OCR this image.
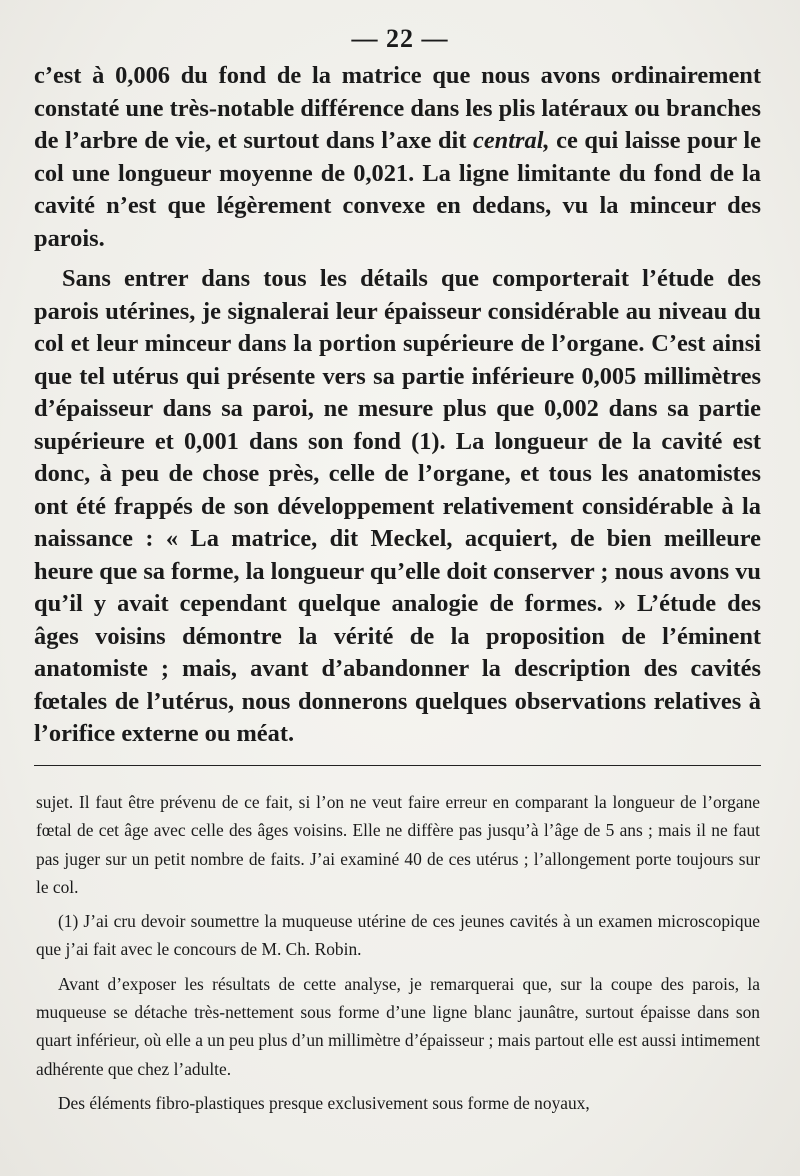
— 22 —

c’est à 0,006 du fond de la matrice que nous avons ordinairement constaté une très-notable différence dans les plis latéraux ou branches de l’arbre de vie, et surtout dans l’axe dit central, ce qui laisse pour le col une longueur moyenne de 0,021. La ligne limitante du fond de la cavité n’est que légèrement convexe en dedans, vu la minceur des parois.

Sans entrer dans tous les détails que comporterait l’étude des parois utérines, je signalerai leur épaisseur considérable au niveau du col et leur minceur dans la portion supérieure de l’organe. C’est ainsi que tel utérus qui présente vers sa partie inférieure 0,005 millimètres d’épaisseur dans sa paroi, ne mesure plus que 0,002 dans sa partie supérieure et 0,001 dans son fond (1). La longueur de la cavité est donc, à peu de chose près, celle de l’organe, et tous les anatomistes ont été frappés de son développement relativement considérable à la naissance : « La matrice, dit Meckel, acquiert, de bien meilleure heure que sa forme, la longueur qu’elle doit conserver ; nous avons vu qu’il y avait cependant quelque analogie de formes. » L’étude des âges voisins démontre la vérité de la proposition de l’éminent anatomiste ; mais, avant d’abandonner la description des cavités fœtales de l’utérus, nous donnerons quelques observations relatives à l’orifice externe ou méat.

sujet. Il faut être prévenu de ce fait, si l’on ne veut faire erreur en comparant la longueur de l’organe fœtal de cet âge avec celle des âges voisins. Elle ne diffère pas jusqu’à l’âge de 5 ans ; mais il ne faut pas juger sur un petit nombre de faits. J’ai examiné 40 de ces utérus ; l’allongement porte toujours sur le col.

(1) J’ai cru devoir soumettre la muqueuse utérine de ces jeunes cavités à un examen microscopique que j’ai fait avec le concours de M. Ch. Robin.

Avant d’exposer les résultats de cette analyse, je remarquerai que, sur la coupe des parois, la muqueuse se détache très-nettement sous forme d’une ligne blanc jaunâtre, surtout épaisse dans son quart inférieur, où elle a un peu plus d’un millimètre d’épaisseur ; mais partout elle est aussi intimement adhérente que chez l’adulte.

Des éléments fibro-plastiques presque exclusivement sous forme de noyaux,
